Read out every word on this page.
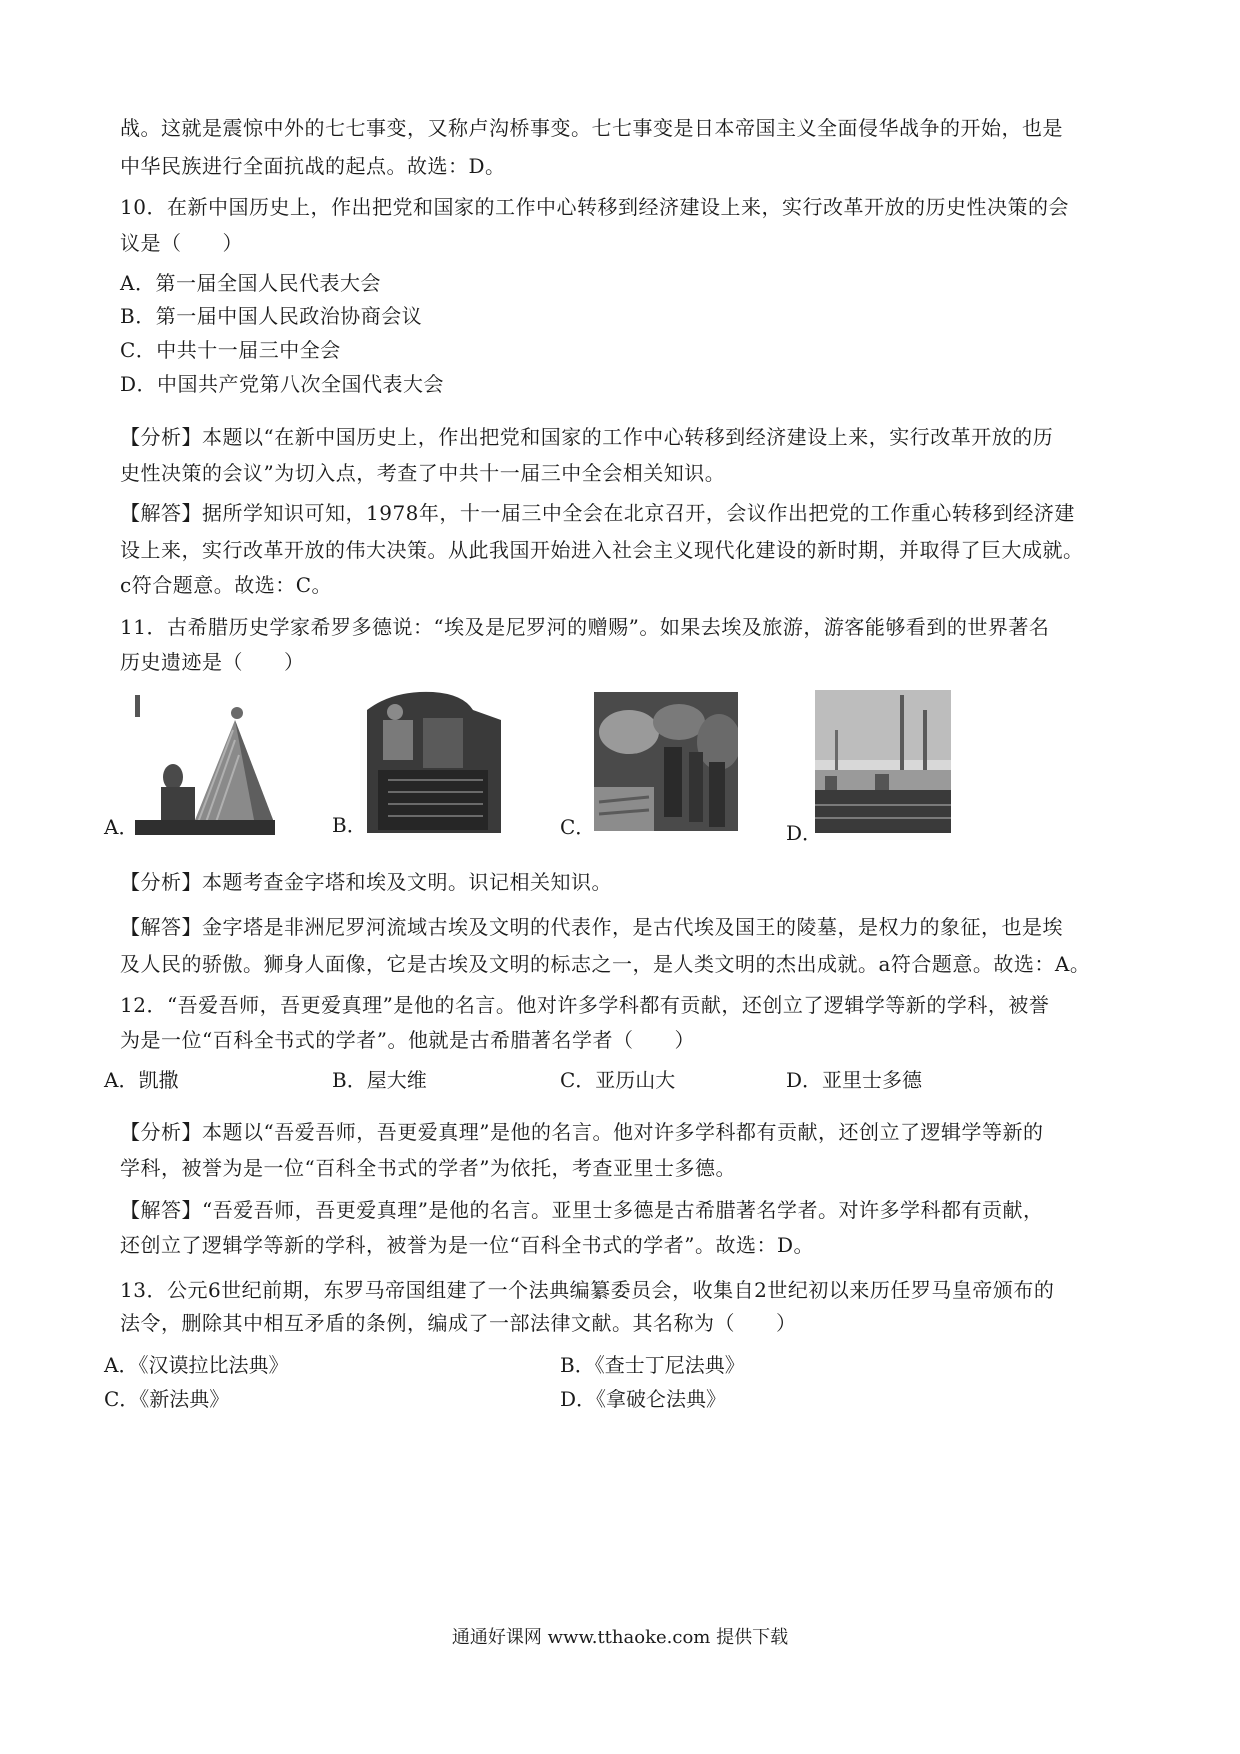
战。这就是震惊中外的七七事变，又称卢沟桥事变。七七事变是日本帝国主义全面侵华战争的开始，也是
中华民族进行全面抗战的起点。故选：D。
10．在新中国历史上，作出把党和国家的工作中心转移到经济建设上来，实行改革开放的历史性决策的会
议是（　　）
A．第一届全国人民代表大会
B．第一届中国人民政治协商会议
C．中共十一届三中全会
D．中国共产党第八次全国代表大会
【分析】本题以“在新中国历史上，作出把党和国家的工作中心转移到经济建设上来，实行改革开放的历
史性决策的会议”为切入点，考查了中共十一届三中全会相关知识。
【解答】据所学知识可知，1978年，十一届三中全会在北京召开，会议作出把党的工作重心转移到经济建
设上来，实行改革开放的伟大决策。从此我国开始进入社会主义现代化建设的新时期，并取得了巨大成就。
c符合题意。故选：C。
11．古希腊历史学家希罗多德说：“埃及是尼罗河的赠赐”。如果去埃及旅游，游客能够看到的世界著名
历史遗迹是（　　）
A．	B．	C．	D．
【分析】本题考查金字塔和埃及文明。识记相关知识。
【解答】金字塔是非洲尼罗河流域古埃及文明的代表作，是古代埃及国王的陵墓，是权力的象征，也是埃
及人民的骄傲。狮身人面像，它是古埃及文明的标志之一，是人类文明的杰出成就。a符合题意。故选：A。
12．“吾爱吾师，吾更爱真理”是他的名言。他对许多学科都有贡献，还创立了逻辑学等新的学科，被誉
为是一位“百科全书式的学者”。他就是古希腊著名学者（　　）
A．凯撒	B．屋大维	C．亚历山大	D．亚里士多德
【分析】本题以“吾爱吾师，吾更爱真理”是他的名言。他对许多学科都有贡献，还创立了逻辑学等新的
学科，被誉为是一位“百科全书式的学者”为依托，考查亚里士多德。
【解答】“吾爱吾师，吾更爱真理”是他的名言。亚里士多德是古希腊著名学者。对许多学科都有贡献，
还创立了逻辑学等新的学科，被誉为是一位“百科全书式的学者”。故选：D。
13．公元6世纪前期，东罗马帝国组建了一个法典编纂委员会，收集自2世纪初以来历任罗马皇帝颁布的
法令，删除其中相互矛盾的条例，编成了一部法律文献。其名称为（　　）
A．《汉谟拉比法典》	B．《查士丁尼法典》
C．《新法典》	D．《拿破仑法典》
通通好课网 www.tthaoke.com 提供下载
